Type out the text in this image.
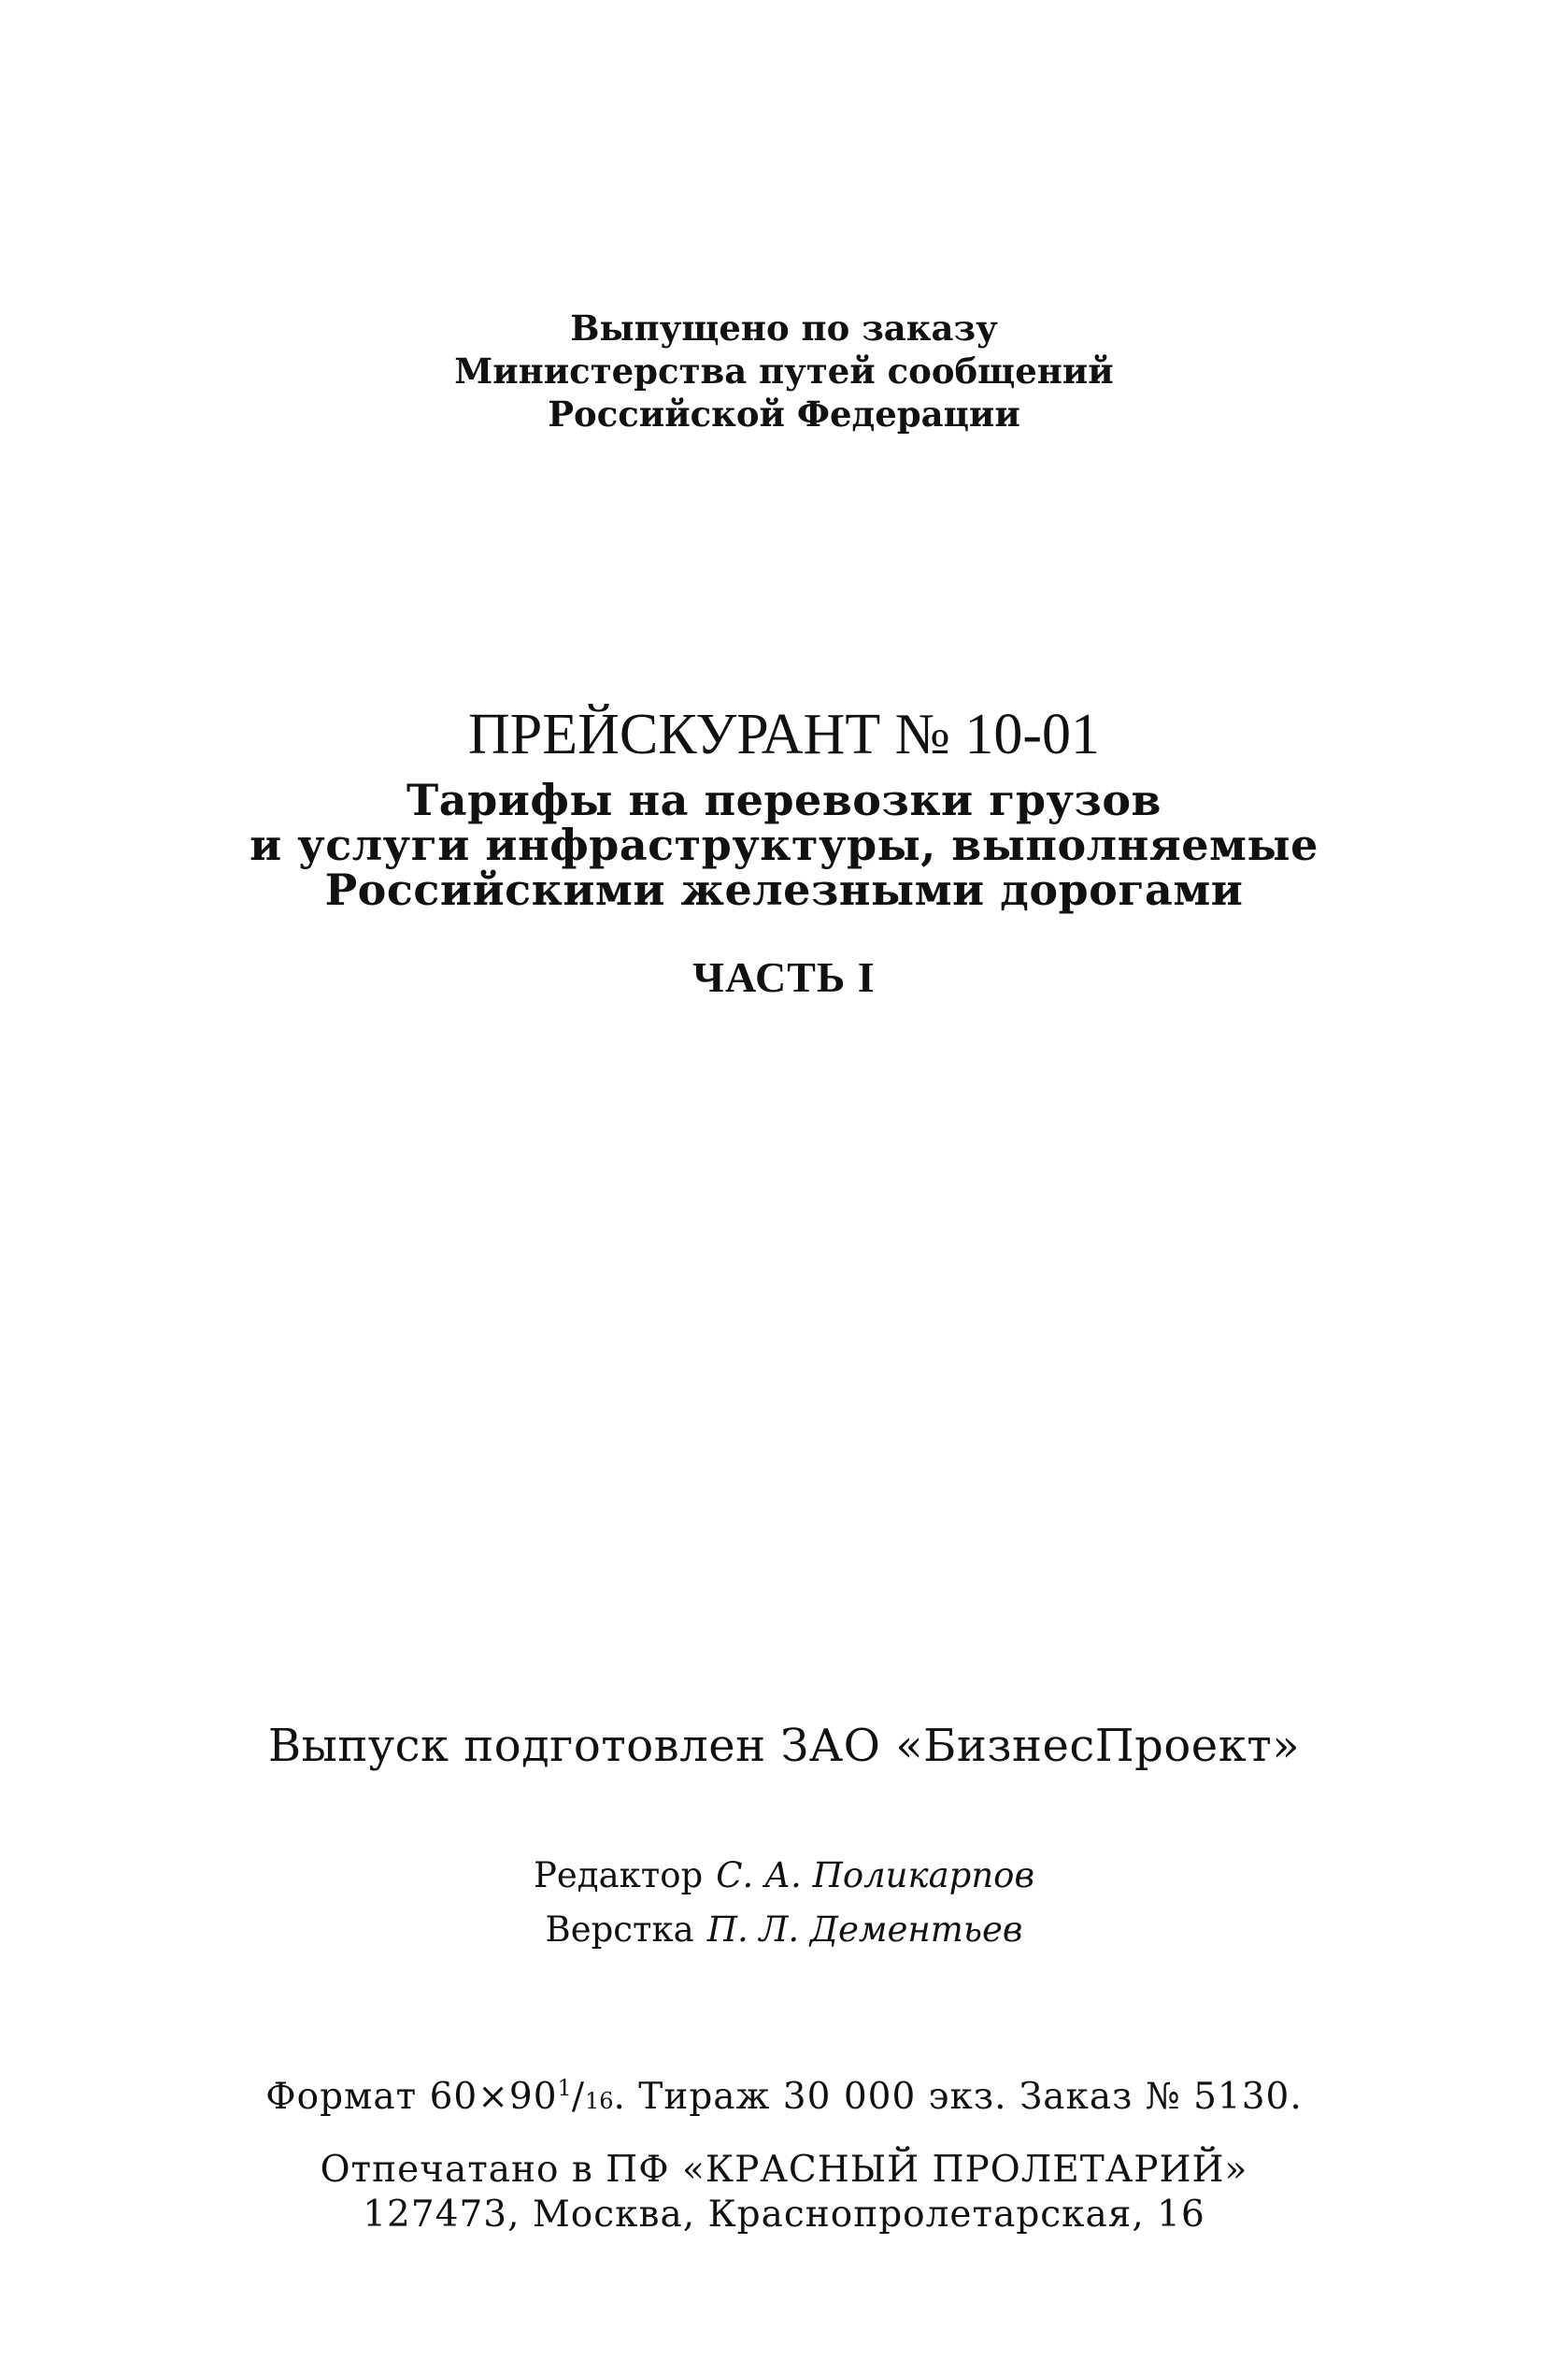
Выпущено по заказу
Министерства путей сообщений
Российской Федерации
ПРЕЙСКУРАНТ № 10-01
Тарифы на перевозки грузов
и услуги инфраструктуры, выполняемые
Российскими железными дорогами
ЧАСТЬ I
Выпуск подготовлен ЗАО «БизнесПроект»
Редактор С. А. Поликарпов
Верстка П. Л. Дементьев
Формат $60\times 90^1/16$. Тираж 30 000 экз. Заказ № 5130.
Отпечатано в ПФ «КРАСНЫЙ ПРОЛЕТАРИЙ»
127473, Москва, Краснопролетарская, 16
